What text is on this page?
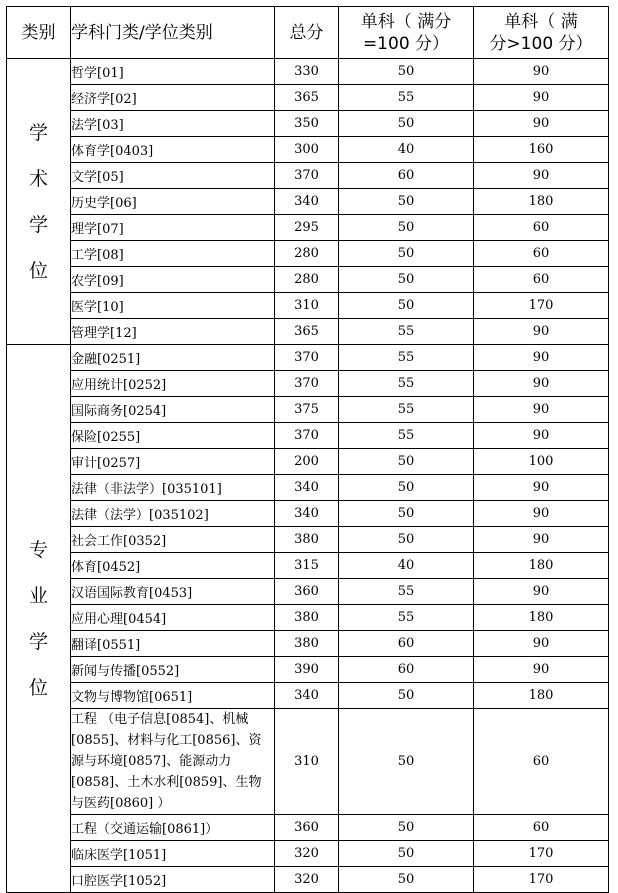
类别	学科门类/学位类别	总分	单科（ 满分
=100 分）	单科（ 满
分>100 分）
学
术
学
位	哲学[01]	330	50	90
	经济学[02]	365	55	90
	法学[03]	350	50	90
	体育学[0403]	300	40	160
	文学[05]	370	60	90
	历史学[06]	340	50	180
	理学[07]	295	50	60
	工学[08]	280	50	60
	农学[09]	280	50	60
	医学[10]	310	50	170
	管理学[12]	365	55	90
专
业
学
位	金融[0251]	370	55	90
	应用统计[0252]	370	55	90
	国际商务[0254]	375	55	90
	保险[0255]	370	55	90
	审计[0257]	200	50	100
	法律（非法学）[035101]	340	50	90
	法律（法学）[035102]	340	50	90
	社会工作[0352]	380	50	90
	体育[0452]	315	40	180
	汉语国际教育[0453]	360	55	90
	应用心理[0454]	380	55	180
	翻译[0551]	380	60	90
	新闻与传播[0552]	390	60	90
	文物与博物馆[0651]	340	50	180
	工程 （电子信息[0854]、机械[0855]、材料与化工[0856]、资源与环境[0857]、能源动力[0858]、土木水利[0859]、生物与医药[0860] ）	310	50	60
	工程（交通运输[0861]）	360	50	60
	临床医学[1051]	320	50	170
	口腔医学[1052]	320	50	170
